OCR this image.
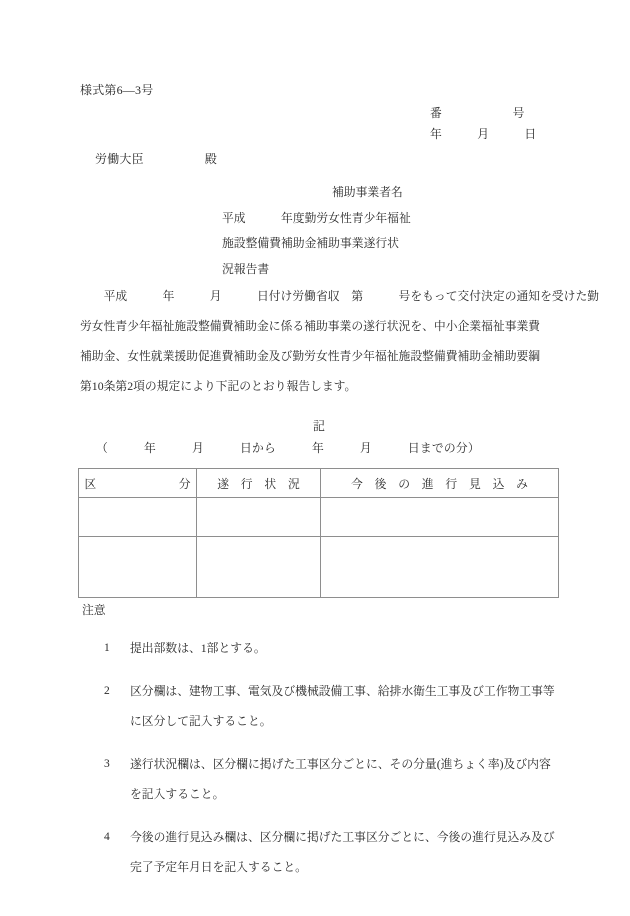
様式第6—3号
番　　　　　　号
年　　　月　　　日
労働大臣　　　　　殿
補助事業者名
平成　　　年度勤労女性青少年福祉
施設整備費補助金補助事業遂行状
況報告書
　　平成　　　年　　　月　　　日付け労働省収　第　　　号をもって交付決定の通知を受けた勤
労女性青少年福祉施設整備費補助金に係る補助事業の遂行状況を、中小企業福祉事業費
補助金、女性就業援助促進費補助金及び勤労女性青少年福祉施設整備費補助金補助要綱
第10条第2項の規定により下記のとおり報告します。
記
（　　　年　　　月　　　日から　　　年　　　月　　　日までの分）
区　　　　　　　分	遂　行　状　況	今　後　の　進　行　見　込　み

注意
1 提出部数は、1部とする。
2 区分欄は、建物工事、電気及び機械設備工事、給排水衛生工事及び工作物工事等
に区分して記入すること。
3 遂行状況欄は、区分欄に掲げた工事区分ごとに、その分量(進ちょく率)及び内容
を記入すること。
4 今後の進行見込み欄は、区分欄に掲げた工事区分ごとに、今後の進行見込み及び
完了予定年月日を記入すること。
